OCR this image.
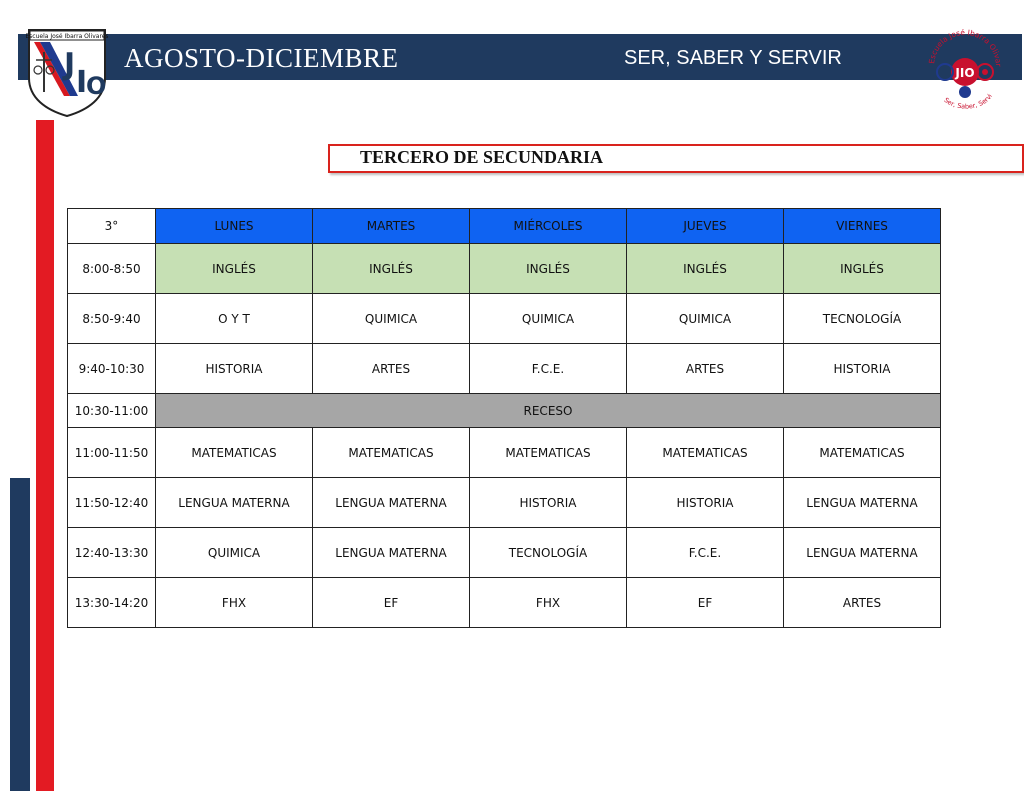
AGOSTO-DICIEMBRE	SER, SABER Y SERVIR
Escuela José Ibarra Olivares
I
O
J	Escuela José Ibarra Olivar
JIO
Ser, Saber, Servi
TERCERO DE SECUNDARIA
3°	LUNES	MARTES	MIÉRCOLES	JUEVES	VIERNES
8:00-8:50	INGLÉS	INGLÉS	INGLÉS	INGLÉS	INGLÉS
8:50-9:40	O Y T	QUIMICA	QUIMICA	QUIMICA	TECNOLOGÍA
9:40-10:30	HISTORIA	ARTES	F.C.E.	ARTES	HISTORIA
10:30-11:00	RECESO				
11:00-11:50	MATEMATICAS	MATEMATICAS	MATEMATICAS	MATEMATICAS	MATEMATICAS
11:50-12:40	LENGUA MATERNA	LENGUA MATERNA	HISTORIA	HISTORIA	LENGUA MATERNA
12:40-13:30	QUIMICA	LENGUA MATERNA	TECNOLOGÍA	F.C.E.	LENGUA MATERNA
13:30-14:20	FHX	EF	FHX	EF	ARTES
